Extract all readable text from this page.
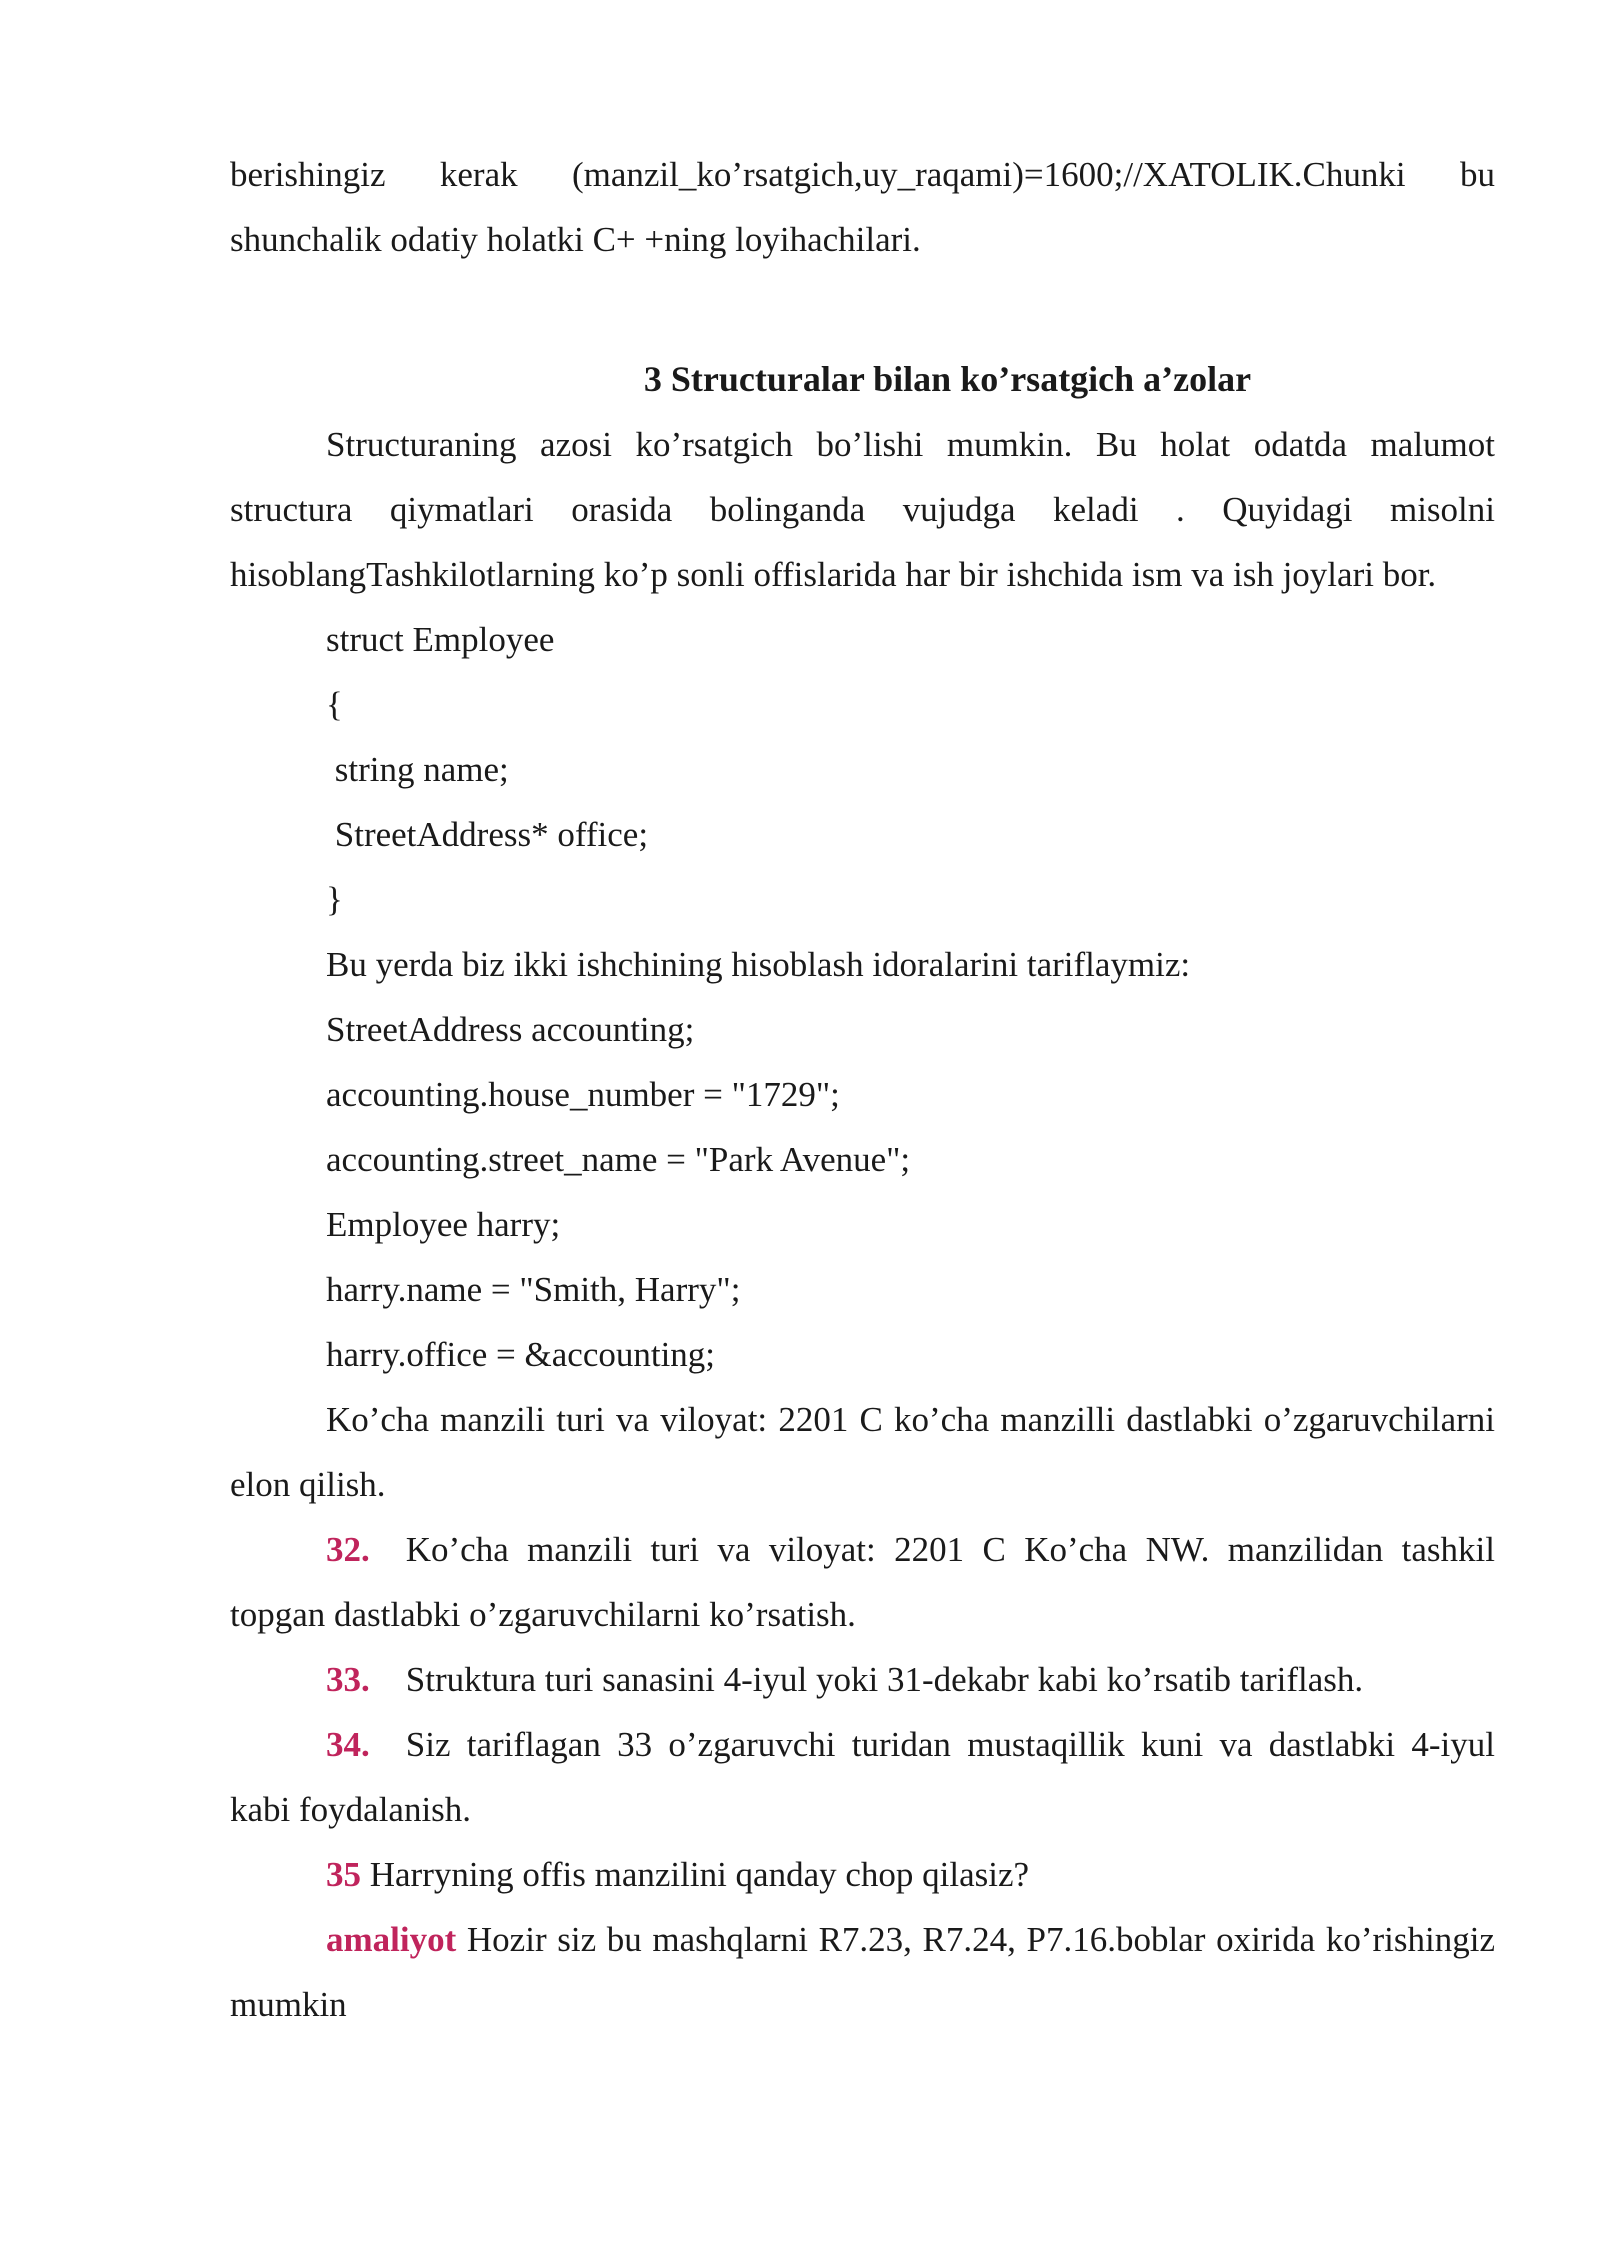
berishingiz kerak (manzil_ko’rsatgich,uy_raqami)=1600;//XATOLIK.Chunki bu

shunchalik odatiy holatki C+ +ning loyihachilari.

3 Structuralar bilan ko’rsatgich a’zolar

Structuraning azosi ko’rsatgich bo’lishi mumkin. Bu holat odatda malumot structura qiymatlari orasida bolinganda vujudga keladi . Quyidagi misolni hisoblangTashkilotlarning ko’p sonli offislarida har bir ishchida ism va ish joylari bor.

struct Employee

{

string name;

StreetAddress* office;

}

Bu yerda biz ikki ishchining hisoblash idoralarini tariflaymiz:

StreetAddress accounting;

accounting.house_number = "1729";

accounting.street_name = "Park Avenue";

Employee harry;

harry.name = "Smith, Harry";

harry.office = &accounting;

Ko’cha manzili turi va viloyat: 2201 C ko’cha manzilli dastlabki o’zgaruvchilarni elon qilish.

32. Ko’cha manzili turi va viloyat: 2201 C Ko’cha NW. manzilidan tashkil topgan dastlabki o’zgaruvchilarni ko’rsatish.

33. Struktura turi sanasini 4-iyul yoki 31-dekabr kabi ko’rsatib tariflash.

34. Siz tariflagan 33 o’zgaruvchi turidan mustaqillik kuni va dastlabki 4-iyul kabi foydalanish.

35 Harryning offis manzilini qanday chop qilasiz?

amaliyot Hozir siz bu mashqlarni R7.23, R7.24, P7.16.boblar oxirida ko’rishingiz mumkin
